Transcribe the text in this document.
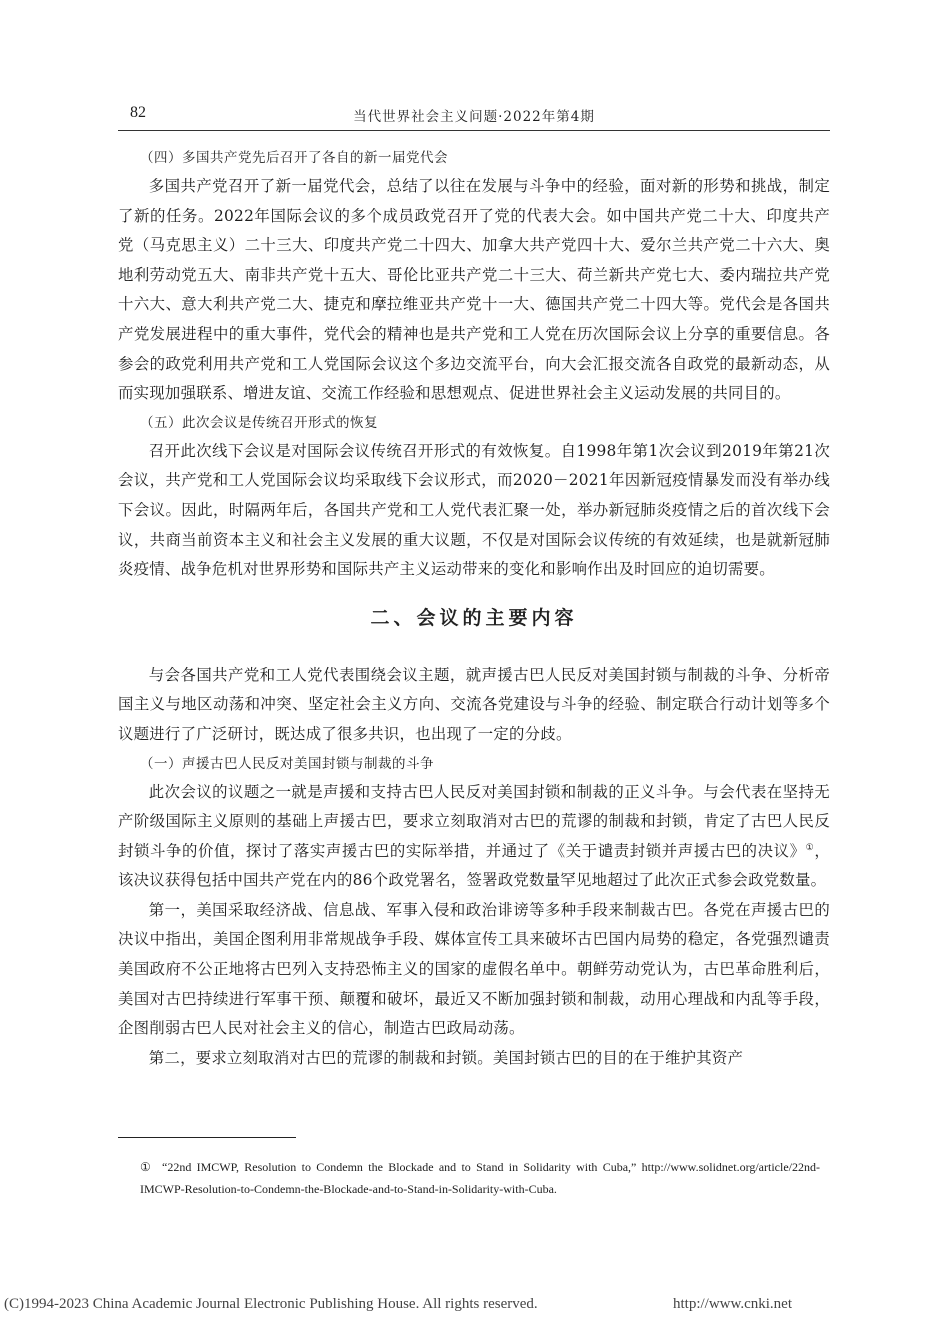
82	当代世界社会主义问题·2022年第4期
（四）多国共产党先后召开了各自的新一届党代会

多国共产党召开了新一届党代会，总结了以往在发展与斗争中的经验，面对新的形势和挑战，制定了新的任务。2022年国际会议的多个成员政党召开了党的代表大会。如中国共产党二十大、印度共产党（马克思主义）二十三大、印度共产党二十四大、加拿大共产党四十大、爱尔兰共产党二十六大、奥地利劳动党五大、南非共产党十五大、哥伦比亚共产党二十三大、荷兰新共产党七大、委内瑞拉共产党十六大、意大利共产党二大、捷克和摩拉维亚共产党十一大、德国共产党二十四大等。党代会是各国共产党发展进程中的重大事件，党代会的精神也是共产党和工人党在历次国际会议上分享的重要信息。各参会的政党利用共产党和工人党国际会议这个多边交流平台，向大会汇报交流各自政党的最新动态，从而实现加强联系、增进友谊、交流工作经验和思想观点、促进世界社会主义运动发展的共同目的。

（五）此次会议是传统召开形式的恢复

召开此次线下会议是对国际会议传统召开形式的有效恢复。自1998年第1次会议到2019年第21次会议，共产党和工人党国际会议均采取线下会议形式，而2020－2021年因新冠疫情暴发而没有举办线下会议。因此，时隔两年后，各国共产党和工人党代表汇聚一处，举办新冠肺炎疫情之后的首次线下会议，共商当前资本主义和社会主义发展的重大议题，不仅是对国际会议传统的有效延续，也是就新冠肺炎疫情、战争危机对世界形势和国际共产主义运动带来的变化和影响作出及时回应的迫切需要。

二、会议的主要内容

与会各国共产党和工人党代表围绕会议主题，就声援古巴人民反对美国封锁与制裁的斗争、分析帝国主义与地区动荡和冲突、坚定社会主义方向、交流各党建设与斗争的经验、制定联合行动计划等多个议题进行了广泛研讨，既达成了很多共识，也出现了一定的分歧。

（一）声援古巴人民反对美国封锁与制裁的斗争

此次会议的议题之一就是声援和支持古巴人民反对美国封锁和制裁的正义斗争。与会代表在坚持无产阶级国际主义原则的基础上声援古巴，要求立刻取消对古巴的荒谬的制裁和封锁，肯定了古巴人民反封锁斗争的价值，探讨了落实声援古巴的实际举措，并通过了《关于谴责封锁并声援古巴的决议》①，该决议获得包括中国共产党在内的86个政党署名，签署政党数量罕见地超过了此次正式参会政党数量。

第一，美国采取经济战、信息战、军事入侵和政治诽谤等多种手段来制裁古巴。各党在声援古巴的决议中指出，美国企图利用非常规战争手段、媒体宣传工具来破坏古巴国内局势的稳定，各党强烈谴责美国政府不公正地将古巴列入支持恐怖主义的国家的虚假名单中。朝鲜劳动党认为，古巴革命胜利后，美国对古巴持续进行军事干预、颠覆和破坏，最近又不断加强封锁和制裁，动用心理战和内乱等手段，企图削弱古巴人民对社会主义的信心，制造古巴政局动荡。

第二，要求立刻取消对古巴的荒谬的制裁和封锁。美国封锁古巴的目的在于维护其资产

① “22nd IMCWP, Resolution to Condemn the Blockade and to Stand in Solidarity with Cuba,” http://www.solidnet.org/article/22nd-IMCWP-Resolution-to-Condemn-the-Blockade-and-to-Stand-in-Solidarity-with-Cuba.
(C)1994-2023 China Academic Journal Electronic Publishing House. All rights reserved.	http://www.cnki.net
